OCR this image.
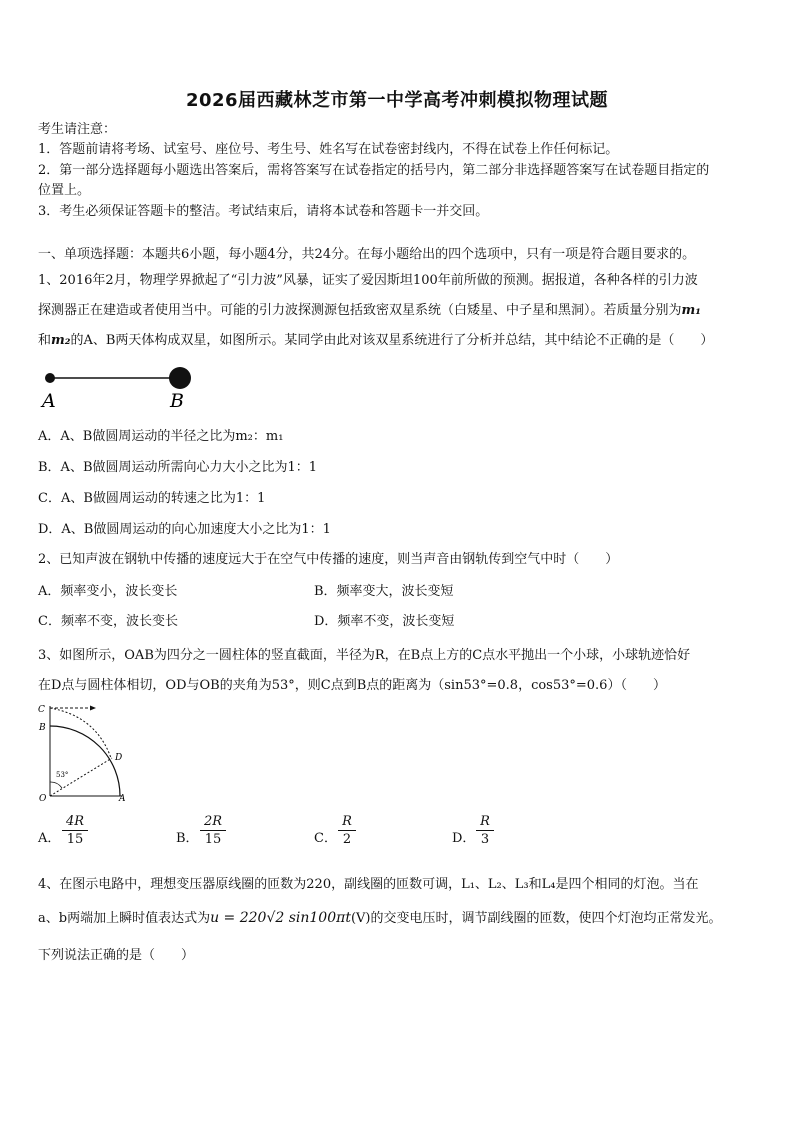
2026届西藏林芝市第一中学高考冲刺模拟物理试题
考生请注意：
1．答题前请将考场、试室号、座位号、考生号、姓名写在试卷密封线内，不得在试卷上作任何标记。
2．第一部分选择题每小题选出答案后，需将答案写在试卷指定的括号内，第二部分非选择题答案写在试卷题目指定的
位置上。
3．考生必须保证答题卡的整洁。考试结束后，请将本试卷和答题卡一并交回。
一、单项选择题：本题共6小题，每小题4分，共24分。在每小题给出的四个选项中，只有一项是符合题目要求的。
1、2016年2月，物理学界掀起了“引力波”风暴，证实了爱因斯坦100年前所做的预测。据报道，各种各样的引力波
探测器正在建造或者使用当中。可能的引力波探测源包括致密双星系统（白矮星、中子星和黑洞）。若质量分别为m₁
和m₂的A、B两天体构成双星，如图所示。某同学由此对该双星系统进行了分析并总结，其中结论不正确的是（　　）
A	B
A．A、B做圆周运动的半径之比为m₂：m₁
B．A、B做圆周运动所需向心力大小之比为1：1
C．A、B做圆周运动的转速之比为1：1
D．A、B做圆周运动的向心加速度大小之比为1：1
2、已知声波在钢轨中传播的速度远大于在空气中传播的速度，则当声音由钢轨传到空气中时（　　）
A．频率变小，波长变长	B．频率变大，波长变短
C．频率不变，波长变长	D．频率不变，波长变短
3、如图所示，OAB为四分之一圆柱体的竖直截面，半径为R，在B点上方的C点水平抛出一个小球，小球轨迹恰好
在D点与圆柱体相切，OD与OB的夹角为53°，则C点到B点的距离为（sin53°=0.8，cos53°=0.6）（　　）
C
B
D
O	A
53°
A．
4R
15	B．
2R
15	C．
R
2	D．
R
3
4、在图示电路中，理想变压器原线圈的匝数为220，副线圈的匝数可调，L₁、L₂、L₃和L₄是四个相同的灯泡。当在
a、b两端加上瞬时值表达式为u = 220√2 sin100πt(V)的交变电压时，调节副线圈的匝数，使四个灯泡均正常发光。
下列说法正确的是（　　）
